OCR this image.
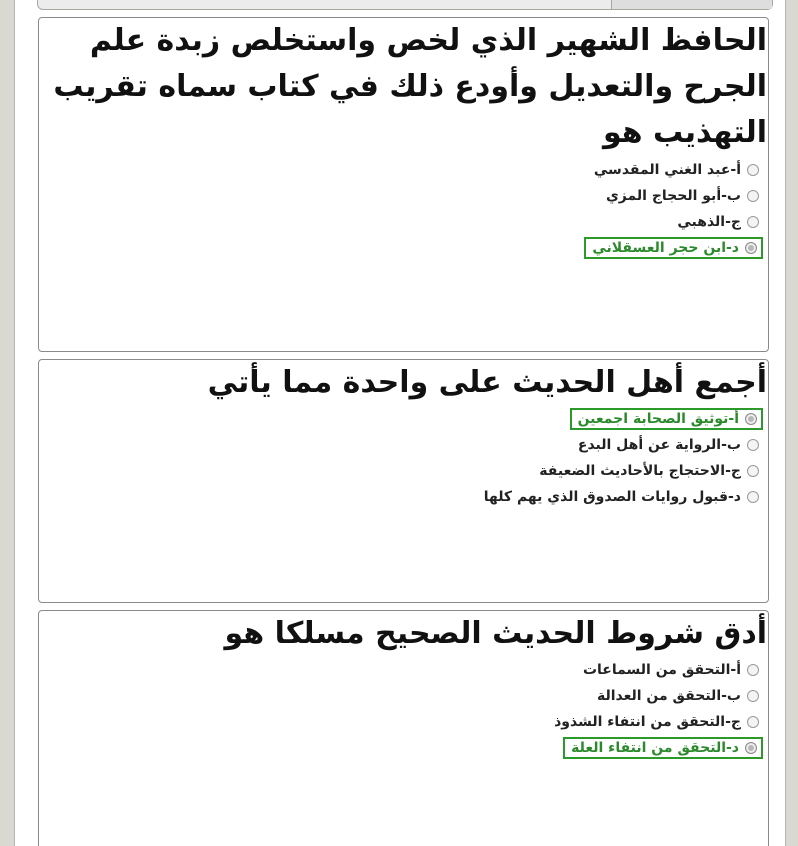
الحافظ الشهير الذي لخص واستخلص زبدة علم الجرح والتعديل وأودع ذلك في كتاب سماه تقريب التهذيب هو
أ-عبد الغني المقدسي
ب-أبو الحجاج المزي
ج-الذهبي
د-ابن حجر العسقلاني
أجمع أهل الحديث على واحدة مما يأتي
أ-توثيق الصحابة اجمعين
ب-الرواية عن أهل البدع
ج-الاحتجاج بالأحاديث الضعيفة
د-قبول روايات الصدوق الذي يهم كلها
أدق شروط الحديث الصحيح مسلكا هو
أ-التحقق من السماعات
ب-التحقق من العدالة
ج-التحقق من انتفاء الشذوذ
د-التحقق من انتفاء العلة
